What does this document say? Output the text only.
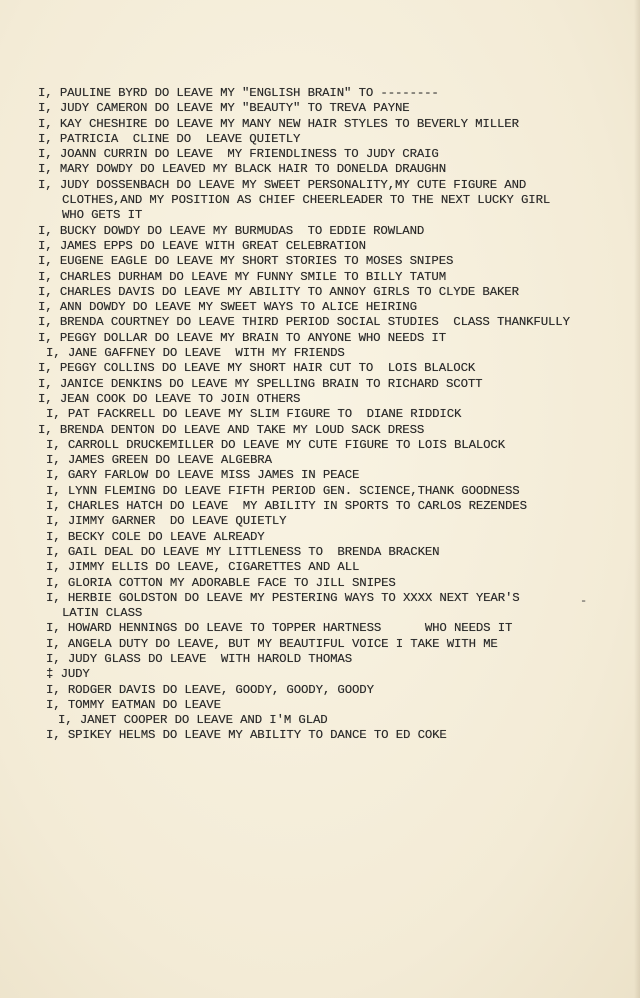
I, PAULINE BYRD DO LEAVE MY "ENGLISH BRAIN" TO --------
I, JUDY CAMERON DO LEAVE MY "BEAUTY" TO TREVA PAYNE
I, KAY CHESHIRE DO LEAVE MY MANY NEW HAIR STYLES TO BEVERLY MILLER
I, PATRICIA  CLINE DO  LEAVE QUIETLY
I, JOANN CURRIN DO LEAVE  MY FRIENDLINESS TO JUDY CRAIG
I, MARY DOWDY DO LEAVED MY BLACK HAIR TO DONELDA DRAUGHN
I, JUDY DOSSENBACH DO LEAVE MY SWEET PERSONALITY,MY CUTE FIGURE AND
CLOTHES,AND MY POSITION AS CHIEF CHEERLEADER TO THE NEXT LUCKY GIRL
WHO GETS IT
I, BUCKY DOWDY DO LEAVE MY BURMUDAS  TO EDDIE ROWLAND
I, JAMES EPPS DO LEAVE WITH GREAT CELEBRATION
I, EUGENE EAGLE DO LEAVE MY SHORT STORIES TO MOSES SNIPES
I, CHARLES DURHAM DO LEAVE MY FUNNY SMILE TO BILLY TATUM
I, CHARLES DAVIS DO LEAVE MY ABILITY TO ANNOY GIRLS TO CLYDE BAKER
I, ANN DOWDY DO LEAVE MY SWEET WAYS TO ALICE HEIRING
I, BRENDA COURTNEY DO LEAVE THIRD PERIOD SOCIAL STUDIES  CLASS THANKFULLY
I, PEGGY DOLLAR DO LEAVE MY BRAIN TO ANYONE WHO NEEDS IT
I, JANE GAFFNEY DO LEAVE  WITH MY FRIENDS
I, PEGGY COLLINS DO LEAVE MY SHORT HAIR CUT TO  LOIS BLALOCK
I, JANICE DENKINS DO LEAVE MY SPELLING BRAIN TO RICHARD SCOTT
I, JEAN COOK DO LEAVE TO JOIN OTHERS
I, PAT FACKRELL DO LEAVE MY SLIM FIGURE TO  DIANE RIDDICK
I, BRENDA DENTON DO LEAVE AND TAKE MY LOUD SACK DRESS
I, CARROLL DRUCKEMILLER DO LEAVE MY CUTE FIGURE TO LOIS BLALOCK
I, JAMES GREEN DO LEAVE ALGEBRA
I, GARY FARLOW DO LEAVE MISS JAMES IN PEACE
I, LYNN FLEMING DO LEAVE FIFTH PERIOD GEN. SCIENCE,THANK GOODNESS
I, CHARLES HATCH DO LEAVE  MY ABILITY IN SPORTS TO CARLOS REZENDES
I, JIMMY GARNER  DO LEAVE QUIETLY
I, BECKY COLE DO LEAVE ALREADY
I, GAIL DEAL DO LEAVE MY LITTLENESS TO  BRENDA BRACKEN
I, JIMMY ELLIS DO LEAVE, CIGARETTES AND ALL
I, GLORIA COTTON MY ADORABLE FACE TO JILL SNIPES
I, HERBIE GOLDSTON DO LEAVE MY PESTERING WAYS TO XXXX NEXT YEAR'S
LATIN CLASS
I, HOWARD HENNINGS DO LEAVE TO TOPPER HARTNESS      WHO NEEDS IT
I, ANGELA DUTY DO LEAVE, BUT MY BEAUTIFUL VOICE I TAKE WITH ME
I, JUDY GLASS DO LEAVE  WITH HAROLD THOMAS
‡ JUDY
I, RODGER DAVIS DO LEAVE, GOODY, GOODY, GOODY
I, TOMMY EATMAN DO LEAVE
I, JANET COOPER DO LEAVE AND I'M GLAD
I, SPIKEY HELMS DO LEAVE MY ABILITY TO DANCE TO ED COKE
-
